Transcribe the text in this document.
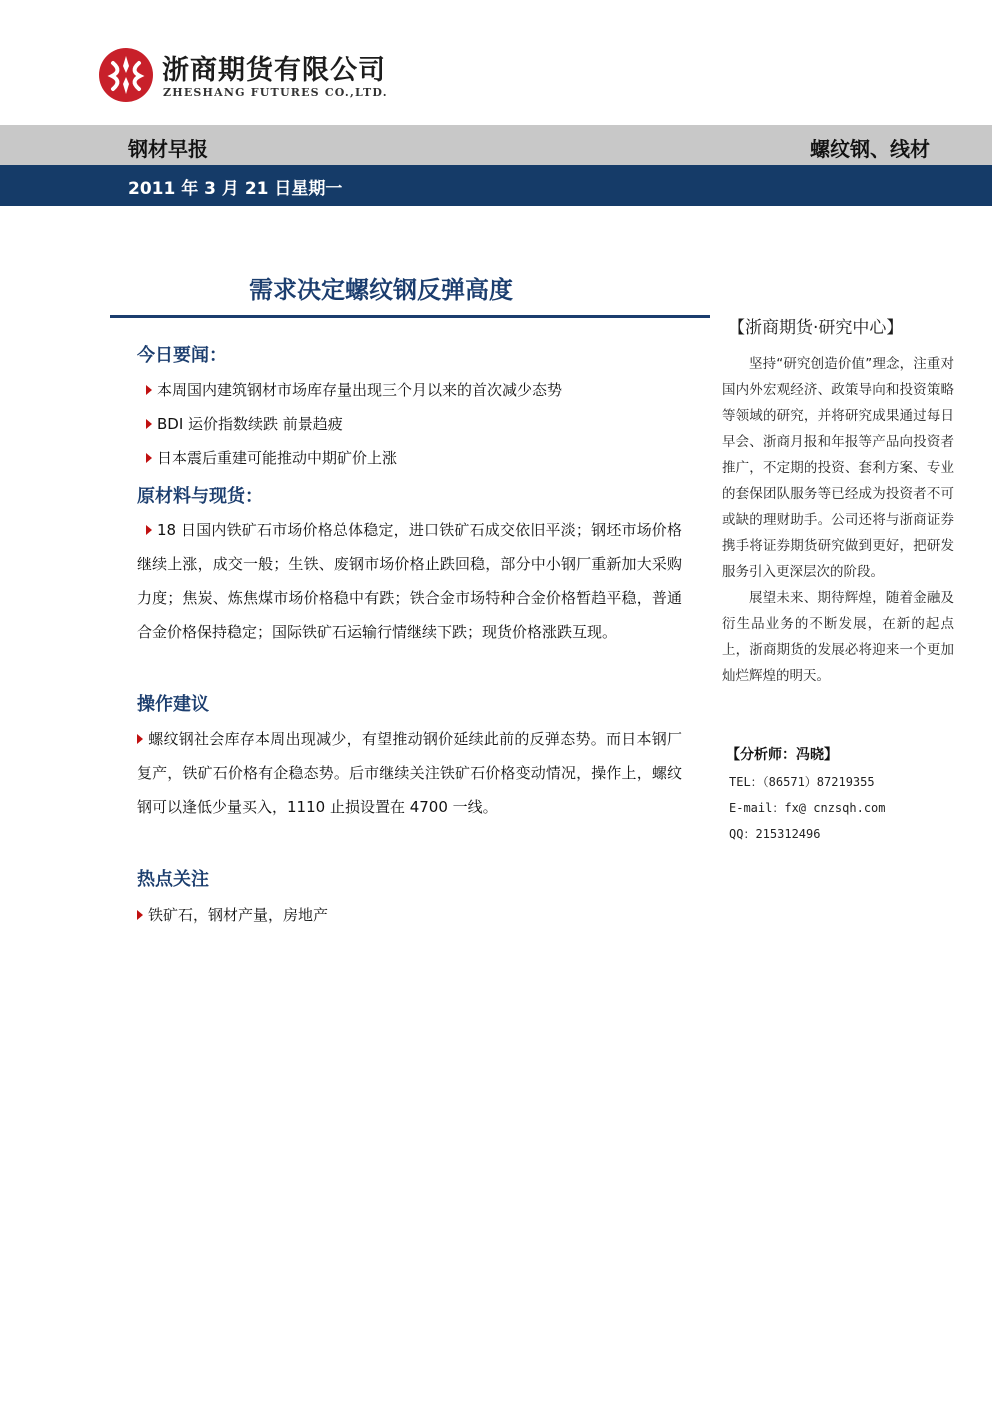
浙商期货有限公司
ZHESHANG FUTURES CO.,LTD.
钢材早报	螺纹钢、线材
2011 年 3 月 21 日星期一
需求决定螺纹钢反弹高度
今日要闻：
本周国内建筑钢材市场库存量出现三个月以来的首次减少态势
BDI 运价指数续跌 前景趋疲
日本震后重建可能推动中期矿价上涨
原材料与现货：
18 日国内铁矿石市场价格总体稳定，进口铁矿石成交依旧平淡；钢坯市场价格继续上涨，成交一般；生铁、废钢市场价格止跌回稳，部分中小钢厂重新加大采购力度；焦炭、炼焦煤市场价格稳中有跌；铁合金市场特种合金价格暂趋平稳，普通合金价格保持稳定；国际铁矿石运输行情继续下跌；现货价格涨跌互现。
操作建议
螺纹钢社会库存本周出现减少，有望推动钢价延续此前的反弹态势。而日本钢厂复产，铁矿石价格有企稳态势。后市继续关注铁矿石价格变动情况，操作上，螺纹钢可以逢低少量买入，1110 止损设置在 4700 一线。
热点关注
铁矿石，钢材产量，房地产
【浙商期货·研究中心】

坚持“研究创造价值”理念，注重对国内外宏观经济、政策导向和投资策略等领域的研究，并将研究成果通过每日早会、浙商月报和年报等产品向投资者推广，不定期的投资、套利方案、专业的套保团队服务等已经成为投资者不可或缺的理财助手。公司还将与浙商证券携手将证券期货研究做到更好，把研发服务引入更深层次的阶段。

展望未来、期待辉煌，随着金融及衍生品业务的不断发展，在新的起点上，浙商期货的发展必将迎来一个更加灿烂辉煌的明天。

【分析师：冯晓】
TEL：（86571）87219355
E-mail：fx@ cnzsqh.com
QQ：215312496
